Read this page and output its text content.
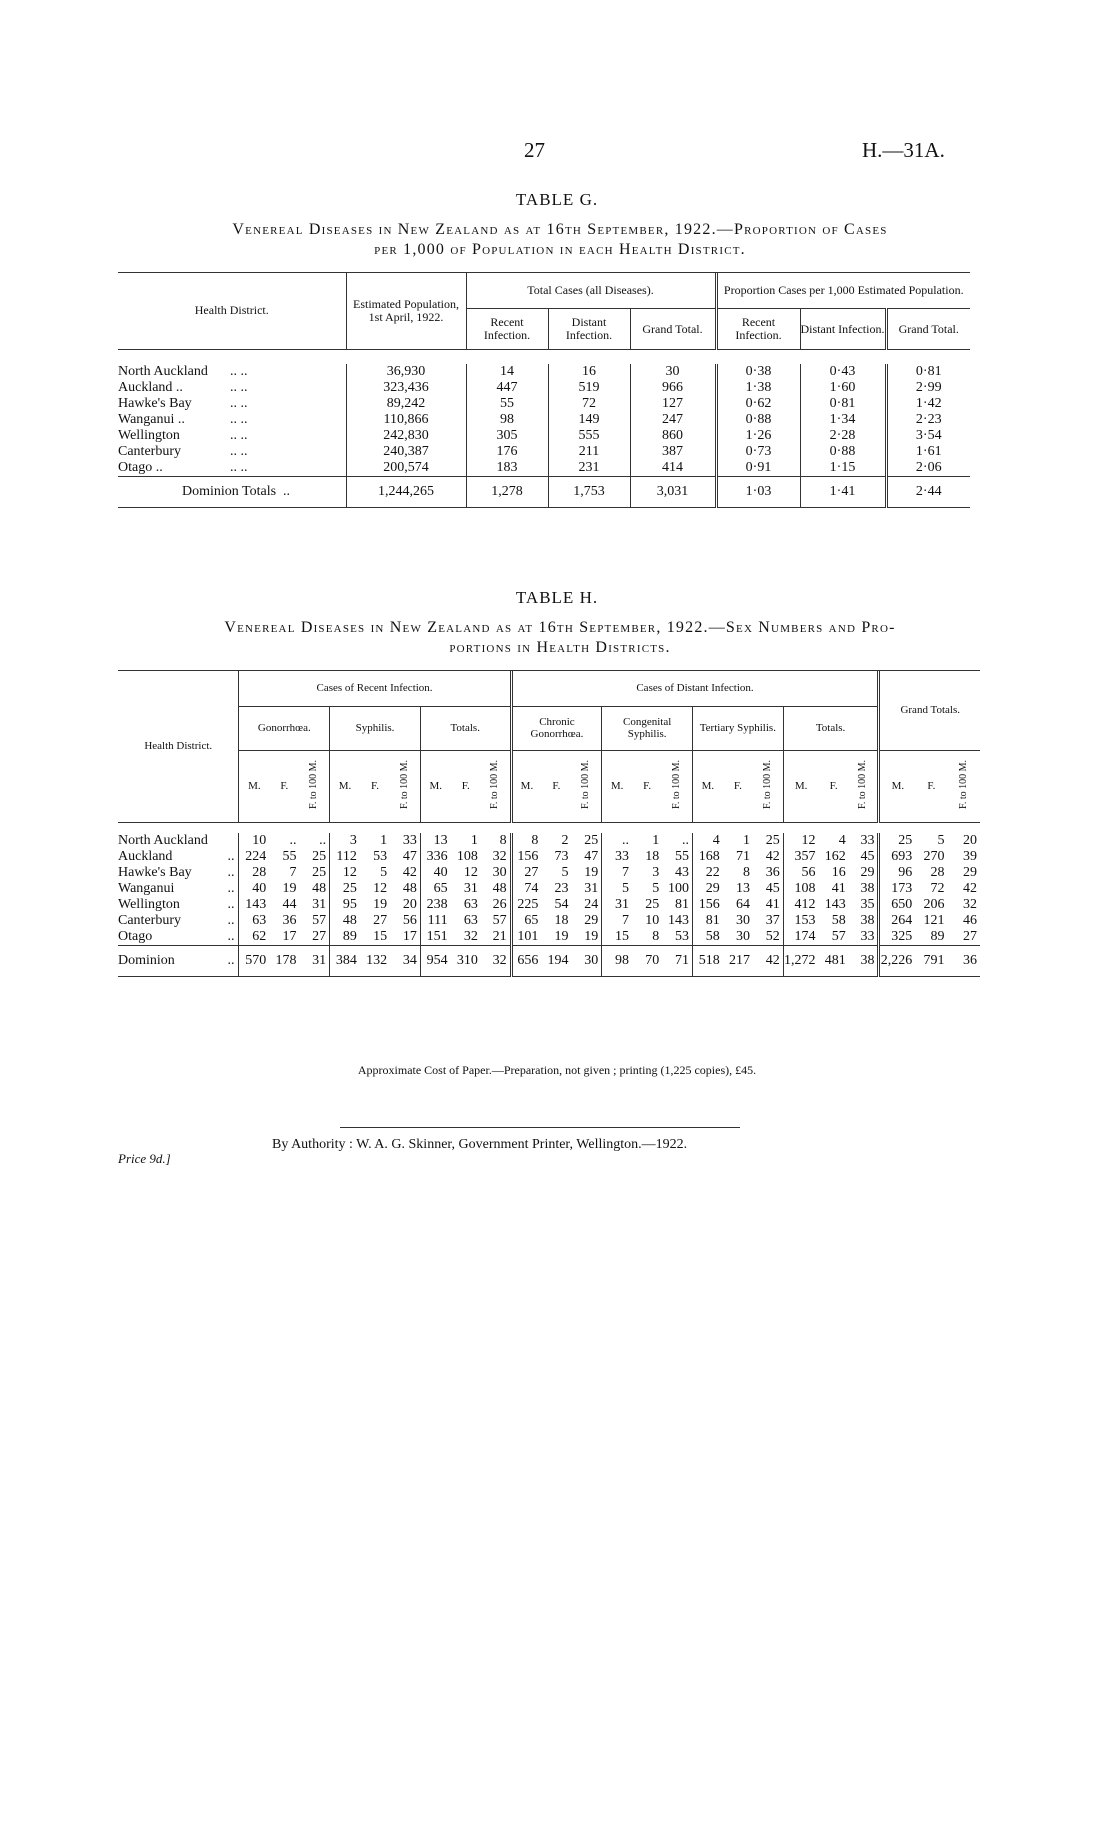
27	H.—31A.
TABLE G.
Venereal Diseases in New Zealand as at 16th September, 1922.—Proportion of Cases
per 1,000 of Population in each Health District.
Health District.	Estimated Population, 1st April, 1922.	Total Cases (all Diseases).			Proportion Cases per 1,000 Estimated Population.		
		Recent Infection.	Distant Infection.	Grand Total.	Recent Infection.	Distant Infection.	Grand Total.

North Auckland .. ..	36,930	14	16	30	0·38	0·43	0·81
Auckland .. .. ..	323,436	447	519	966	1·38	1·60	2·99
Hawke's Bay .. ..	89,242	55	72	127	0·62	0·81	1·42
Wanganui .. .. ..	110,866	98	149	247	0·88	1·34	2·23
Wellington .. ..	242,830	305	555	860	1·26	2·28	3·54
Canterbury .. ..	240,387	176	211	387	0·73	0·88	1·61
Otago .. .. ..	200,574	183	231	414	0·91	1·15	2·06
Dominion Totals ..	1,244,265	1,278	1,753	3,031	1·03	1·41	2·44

TABLE H.
Venereal Diseases in New Zealand as at 16th September, 1922.—Sex Numbers and Pro-
portions in Health Districts.
Health District.	Cases of Recent Infection.									Cases of Distant Infection.												Grand Totals.		
	Gonorrhœa.			Syphilis.			Totals.			Chronic Gonorrhœa.			Congenital Syphilis.			Tertiary Syphilis.			Totals.					
	M.	F.	F. to 100 M.	M.	F.	F. to 100 M.	M.	F.	F. to 100 M.	M.	F.	F. to 100 M.	M.	F.	F. to 100 M.	M.	F.	F. to 100 M.	M.	F.	F. to 100 M.	M.	F.	F. to 100 M.

North Auckland	10	..	..	3	1	33	13	1	8	8	2	25	..	1	..	4	1	25	12	4	33	25	5	20
Auckland ..	224	55	25	112	53	47	336	108	32	156	73	47	33	18	55	168	71	42	357	162	45	693	270	39
Hawke's Bay ..	28	7	25	12	5	42	40	12	30	27	5	19	7	3	43	22	8	36	56	16	29	96	28	29
Wanganui ..	40	19	48	25	12	48	65	31	48	74	23	31	5	5	100	29	13	45	108	41	38	173	72	42
Wellington ..	143	44	31	95	19	20	238	63	26	225	54	24	31	25	81	156	64	41	412	143	35	650	206	32
Canterbury ..	63	36	57	48	27	56	111	63	57	65	18	29	7	10	143	81	30	37	153	58	38	264	121	46
Otago ..	62	17	27	89	15	17	151	32	21	101	19	19	15	8	53	58	30	52	174	57	33	325	89	27
Dominion ..	570	178	31	384	132	34	954	310	32	656	194	30	98	70	71	518	217	42	1,272	481	38	2,226	791	36
Approximate Cost of Paper.—Preparation, not given ; printing (1,225 copies), £45.
By Authority : W. A. G. Skinner, Government Printer, Wellington.—1922.
Price 9d.]
